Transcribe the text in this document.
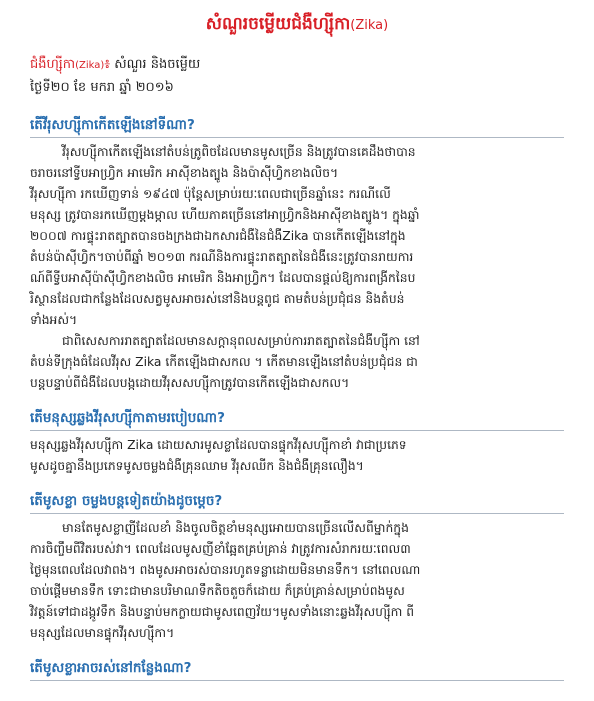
សំណួរចម្លើយជំងឺហ្ស៊ីកា(Zika)
ជំងឺហ្ស៊ីកា(Zika)៖ សំណួរ និងចម្លើយ
ថ្ងៃទី២០ ខែ មករា ឆ្នាំ ២០១៦
តើវីរុសហ្ស៊ីកាកើតឡើងនៅទីណា?
វីរុសហ្ស៊ីកាកើតឡើងនៅតំបន់ត្រូពិចដែលមានមូសច្រើន និងត្រូវបានគេដឹងថាបាន
ចរាចរនៅទ្វីបអាហ្វ្រិក អាមេរិក អាស៊ីខាងត្បូង និងប៉ាស៊ីហ្វិកខាងលិច។
វីរុសហ្ស៊ីកា រកឃើញទាន់ ១៩៤៧ ប៉ុន្តែសម្រាប់រយៈពេលជាច្រើនឆ្នាំនេះ ករណីលើ
មនុស្ស ត្រូវបានរកឃើញម្ដងម្កាល ហើយភាគច្រើននៅអាហ្វ្រិកនិងអាស៊ីខាងត្បូង។ ក្នុងឆ្នាំ
២០០៧ ការផ្ទុះរាតត្បាតបានចងក្រងជាឯកសារជំងឺនៃជំងឺZika បានកើតឡើងនៅក្នុង
តំបន់ប៉ាស៊ីហ្វិក។ចាប់ពីឆ្នាំ ២០១៣ ករណីនិងការផ្ទុះរាតត្បាតនៃជំងឺនេះត្រូវបានរាយការ
ណ៍ពីទ្វីបអាស៊ីប៉ាស៊ីហ្វិកខាងលិច អាមេរិក និងអាហ្វ្រិក។ ដែលបានផ្ដល់ឱ្យការពង្រីកនៃប
រិស្ថានដែលជាកន្លែងដែលសត្វមូសអាចរស់នៅនិងបន្តពូជ តាមតំបន់ប្រជុំជន និងតំបន់
ទាំងអស់។
ជាពិសេសការរាតត្បាតដែលមានសក្ដានុពលសម្រាប់ការរាតត្បាតនៃជំងឺហ្ស៊ីកា នៅ
តំបន់ទីក្រុងធំដែលវីរុស Zika កើតឡើងជាសកល ។ កើតមានឡើងនៅតំបន់ប្រជុំជន ជា
បន្តបន្ទាប់ពីជំងឺដែលបង្កដោយវីរុសសហ្ស៊ីកាត្រូវបានកើតឡើងជាសកល។
តើមនុស្សឆ្លងវីរុសហ្ស៊ីកាតាមរបៀបណា?
មនុស្សឆ្លងវីរុសហ្ស៊ីកា Zika ដោយសារមូសខ្លាដែលបានផ្ទុកវីរុសហ្ស៊ីកាខាំ វាជាប្រភេទ
មូសដូចគ្នានឹងប្រភេទមូសចម្លងជំងឺគ្រុនឈាម វីរុសឈីក និងជំងឺគ្រុនលឿង។
តើមូសខ្លា ចម្លងបន្តទៀតយ៉ាងដូចម្តេច?
មានតែមូសខ្លាញីដែលខាំ និងចូលចិត្តខាំមនុស្សអោយបានច្រើនលើសពីម្នាក់ក្នុង
ការចិញ្ចឹមពីវិតរបស់វា។ ពេលដែលមូសញីខាំឆ្អែតគ្រប់គ្រាន់ វាត្រូវការសំរាករយៈពេល៣
ថ្ងៃមុនពេលដែលវាពង។ ពងមូសអាចរស់បានរហូតទន្លាដោយមិនមានទឹក។ នៅពេលណា
ចាប់ផ្ដើមមានទឹក ទោះជាមានបរិមាណទឹកតិចតួចក៏ដោយ ក៏គ្រប់គ្រាន់សម្រាប់ពងមូស
វិវត្តន៍ទៅជាដង្កូវទឹក និងបន្ទាប់មកក្លាយជាមូសពេញវ័យ។មូសទាំងនោះឆ្លងវីរុសហ្ស៊ីកា ពី
មនុស្សដែលមានផ្ទុកវីរុសហ្ស៊ីកា។
តើមូសខ្លាអាចរស់នៅកន្លែងណា?
